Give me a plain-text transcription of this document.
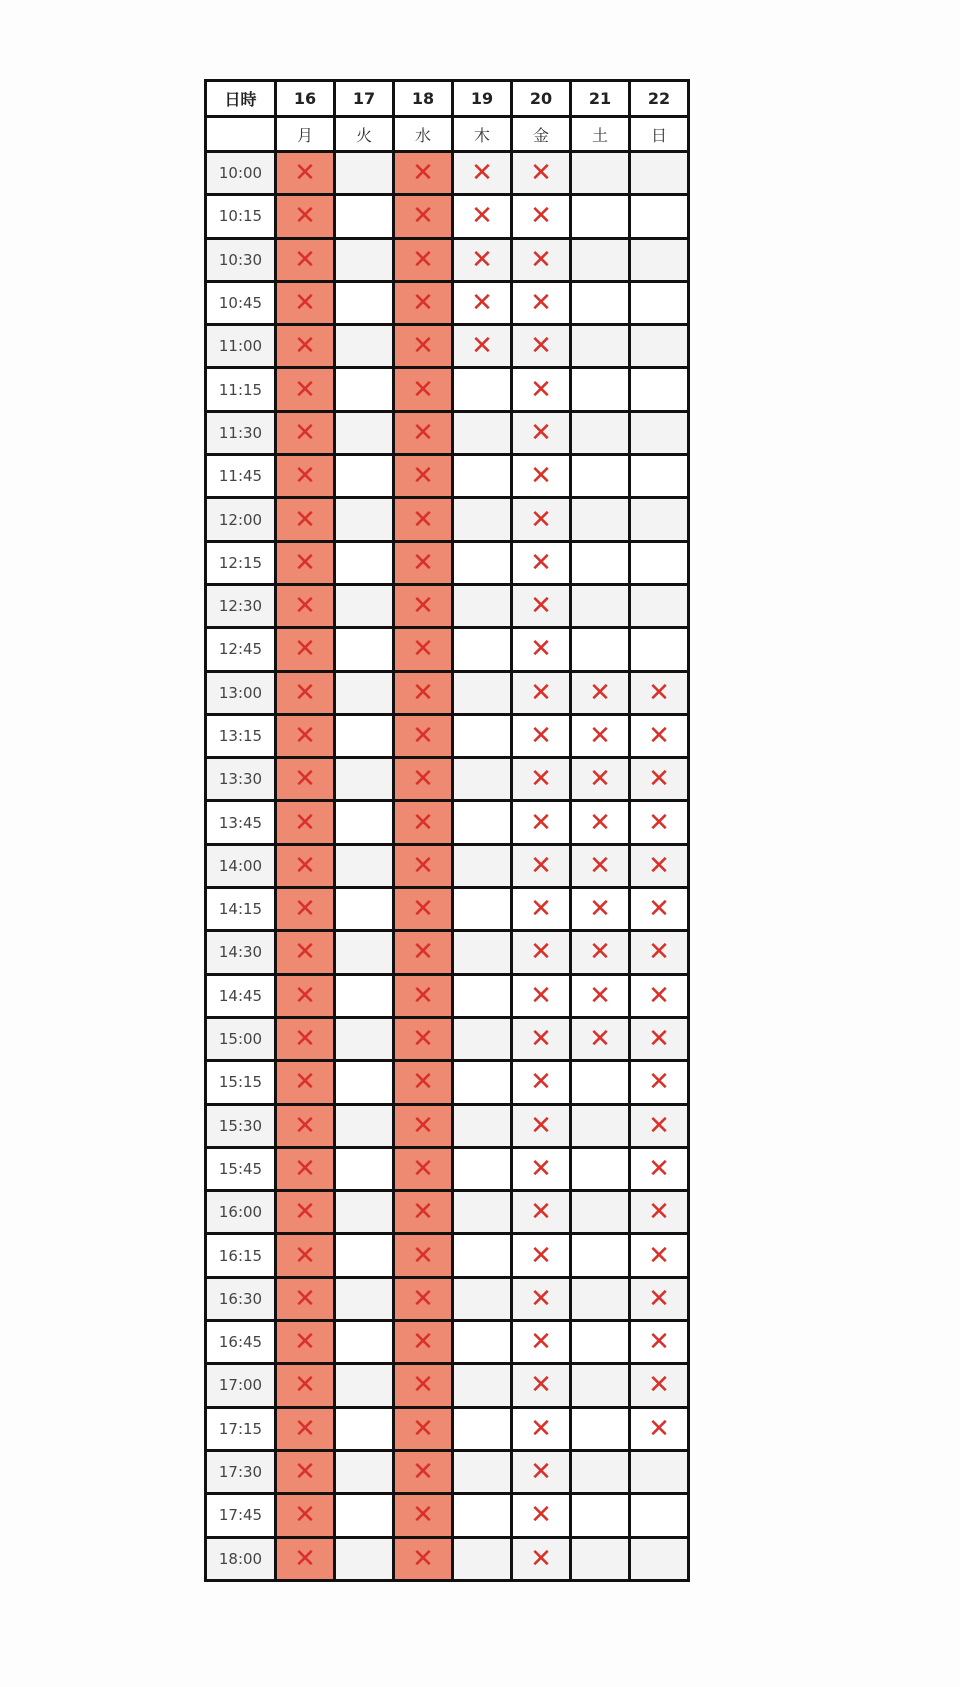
日時	16	17	18	19	20	21	22
	月	火	水	木	金	土	日
10:00	✕		✕	✕	✕		
10:15	✕		✕	✕	✕		
10:30	✕		✕	✕	✕		
10:45	✕		✕	✕	✕		
11:00	✕		✕	✕	✕		
11:15	✕		✕		✕		
11:30	✕		✕		✕		
11:45	✕		✕		✕		
12:00	✕		✕		✕		
12:15	✕		✕		✕		
12:30	✕		✕		✕		
12:45	✕		✕		✕		
13:00	✕		✕		✕	✕	✕
13:15	✕		✕		✕	✕	✕
13:30	✕		✕		✕	✕	✕
13:45	✕		✕		✕	✕	✕
14:00	✕		✕		✕	✕	✕
14:15	✕		✕		✕	✕	✕
14:30	✕		✕		✕	✕	✕
14:45	✕		✕		✕	✕	✕
15:00	✕		✕		✕	✕	✕
15:15	✕		✕		✕		✕
15:30	✕		✕		✕		✕
15:45	✕		✕		✕		✕
16:00	✕		✕		✕		✕
16:15	✕		✕		✕		✕
16:30	✕		✕		✕		✕
16:45	✕		✕		✕		✕
17:00	✕		✕		✕		✕
17:15	✕		✕		✕		✕
17:30	✕		✕		✕		
17:45	✕		✕		✕		
18:00	✕		✕		✕		
